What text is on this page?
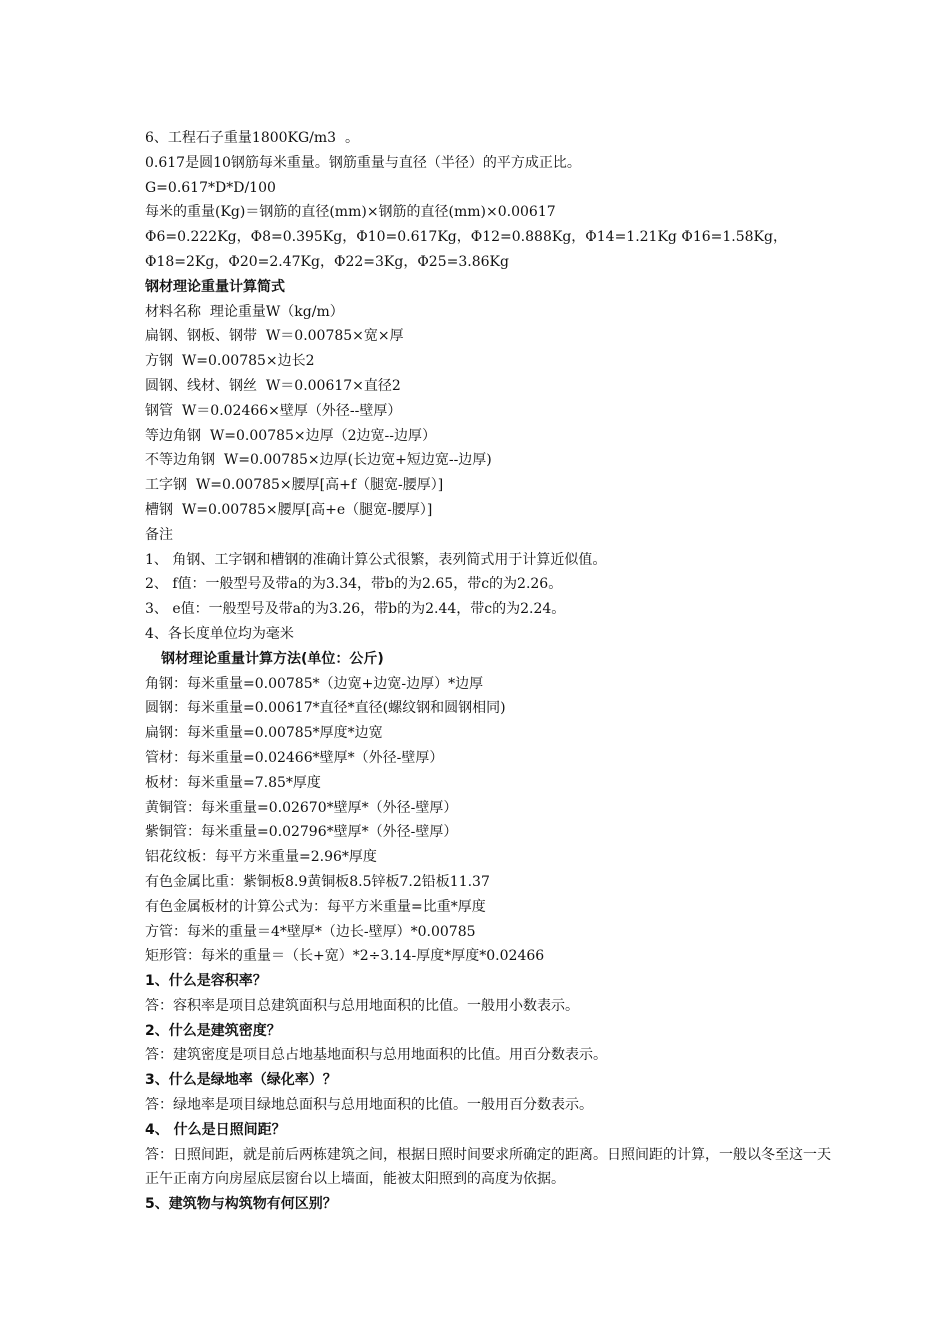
6、工程石子重量1800KG/m3  。

0.617是圆10钢筋每米重量。钢筋重量与直径（半径）的平方成正比。

G=0.617*D*D/100

每米的重量(Kg)＝钢筋的直径(mm)×钢筋的直径(mm)×0.00617

Φ6=0.222Kg，Φ8=0.395Kg，Φ10=0.617Kg，Φ12=0.888Kg，Φ14=1.21Kg Φ16=1.58Kg，Φ18=2Kg，Φ20=2.47Kg，Φ22=3Kg，Φ25=3.86Kg

钢材理论重量计算简式

材料名称  理论重量W（kg/m）

扁钢、钢板、钢带  W＝0.00785×宽×厚

方钢  W=0.00785×边长2

圆钢、线材、钢丝  W＝0.00617×直径2

钢管  W＝0.02466×壁厚（外径--壁厚）

等边角钢  W=0.00785×边厚（2边宽--边厚）

不等边角钢  W=0.00785×边厚(长边宽+短边宽--边厚)

工字钢  W=0.00785×腰厚[高+f（腿宽-腰厚）]

槽钢  W=0.00785×腰厚[高+e（腿宽-腰厚）]

备注

1、 角钢、工字钢和槽钢的准确计算公式很繁，表列简式用于计算近似值。

2、 f值：一般型号及带a的为3.34，带b的为2.65，带c的为2.26。

3、 e值：一般型号及带a的为3.26，带b的为2.44，带c的为2.24。

4、各长度单位均为毫米

钢材理论重量计算方法(单位：公斤)

角钢：每米重量=0.00785*（边宽+边宽-边厚）*边厚

圆钢：每米重量=0.00617*直径*直径(螺纹钢和圆钢相同)

扁钢：每米重量=0.00785*厚度*边宽

管材：每米重量=0.02466*壁厚*（外径-壁厚）

板材：每米重量=7.85*厚度

黄铜管：每米重量=0.02670*壁厚*（外径-壁厚）

紫铜管：每米重量=0.02796*壁厚*（外径-壁厚）

铝花纹板：每平方米重量=2.96*厚度

有色金属比重：紫铜板8.9黄铜板8.5锌板7.2铅板11.37

有色金属板材的计算公式为：每平方米重量=比重*厚度

方管：每米的重量＝4*壁厚*（边长-壁厚）*0.00785

矩形管：每米的重量＝（长+宽）*2÷3.14-厚度*厚度*0.02466

1、什么是容积率？

答：容积率是项目总建筑面积与总用地面积的比值。一般用小数表示。

2、什么是建筑密度？

答：建筑密度是项目总占地基地面积与总用地面积的比值。用百分数表示。

3、什么是绿地率（绿化率）？

答：绿地率是项目绿地总面积与总用地面积的比值。一般用百分数表示。

4、 什么是日照间距？

答：日照间距，就是前后两栋建筑之间，根据日照时间要求所确定的距离。日照间距的计算，一般以冬至这一天正午正南方向房屋底层窗台以上墙面，能被太阳照到的高度为依据。

5、建筑物与构筑物有何区别？
